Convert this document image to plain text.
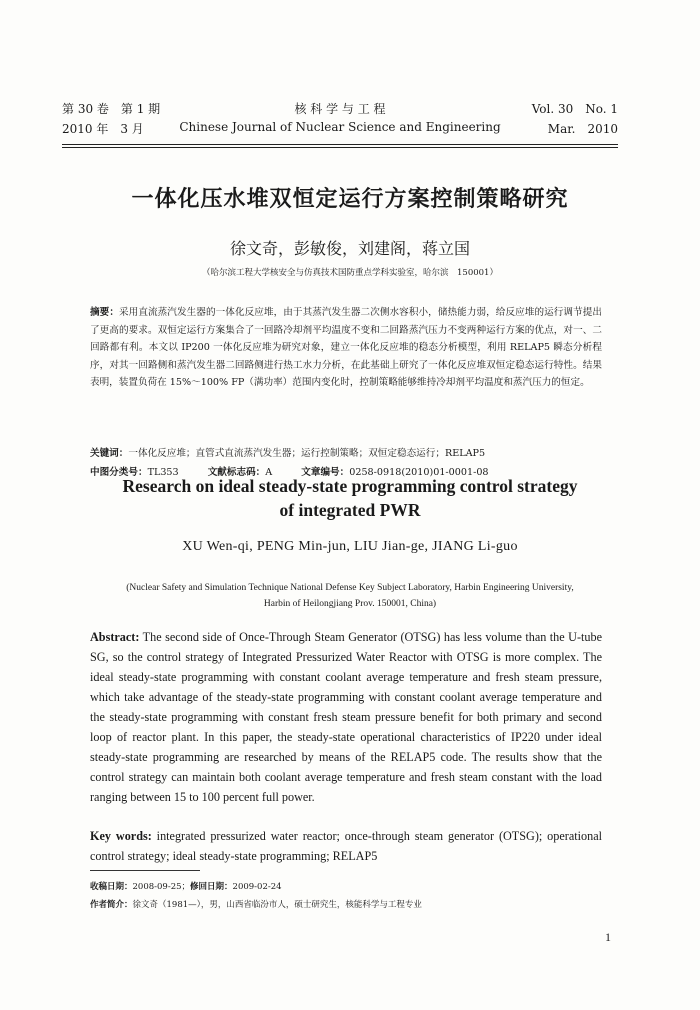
第 30 卷　第 1 期	核 科 学 与 工 程	Vol. 30　No. 1
2010 年　3 月	Chinese Journal of Nuclear Science and Engineering	Mar.　2010
一体化压水堆双恒定运行方案控制策略研究
徐文奇，彭敏俊，刘建阁，蒋立国
（哈尔滨工程大学核安全与仿真技术国防重点学科实验室，哈尔滨　150001）
摘要：采用直流蒸汽发生器的一体化反应堆，由于其蒸汽发生器二次侧水容积小，储热能力弱，给反应堆的运行调节提出了更高的要求。双恒定运行方案集合了一回路冷却剂平均温度不变和二回路蒸汽压力不变两种运行方案的优点，对一、二回路都有利。本文以 IP200 一体化反应堆为研究对象，建立一体化反应堆的稳态分析模型，利用 RELAP5 瞬态分析程序，对其一回路侧和蒸汽发生器二回路侧进行热工水力分析，在此基础上研究了一体化反应堆双恒定稳态运行特性。结果表明，装置负荷在 15%～100% FP（满功率）范围内变化时，控制策略能够维持冷却剂平均温度和蒸汽压力的恒定。
关键词：一体化反应堆；直管式直流蒸汽发生器；运行控制策略；双恒定稳态运行；RELAP5
中图分类号：TL353	文献标志码：A	文章编号：0258-0918(2010)01-0001-08
Research on ideal steady-state programming control strategy
of integrated PWR
XU Wen-qi, PENG Min-jun, LIU Jian-ge, JIANG Li-guo
(Nuclear Safety and Simulation Technique National Defense Key Subject Laboratory, Harbin Engineering University,
Harbin of Heilongjiang Prov. 150001, China)
Abstract: The second side of Once-Through Steam Generator (OTSG) has less volume than the U-tube SG, so the control strategy of Integrated Pressurized Water Reactor with OTSG is more complex. The ideal steady-state programming with constant coolant average temperature and fresh steam pressure, which take advantage of the steady-state programming with constant coolant average temperature and the steady-state programming with constant fresh steam pressure benefit for both primary and second loop of reactor plant. In this paper, the steady-state operational characteristics of IP220 under ideal steady-state programming are researched by means of the RELAP5 code. The results show that the control strategy can maintain both coolant average temperature and fresh steam constant with the load ranging between 15 to 100 percent full power.
Key words: integrated pressurized water reactor; once-through steam generator (OTSG); operational control strategy; ideal steady-state programming; RELAP5
收稿日期：2008-09-25；修回日期：2009-02-24
作者简介：徐文奇（1981—），男，山西省临汾市人，硕士研究生，核能科学与工程专业
1
